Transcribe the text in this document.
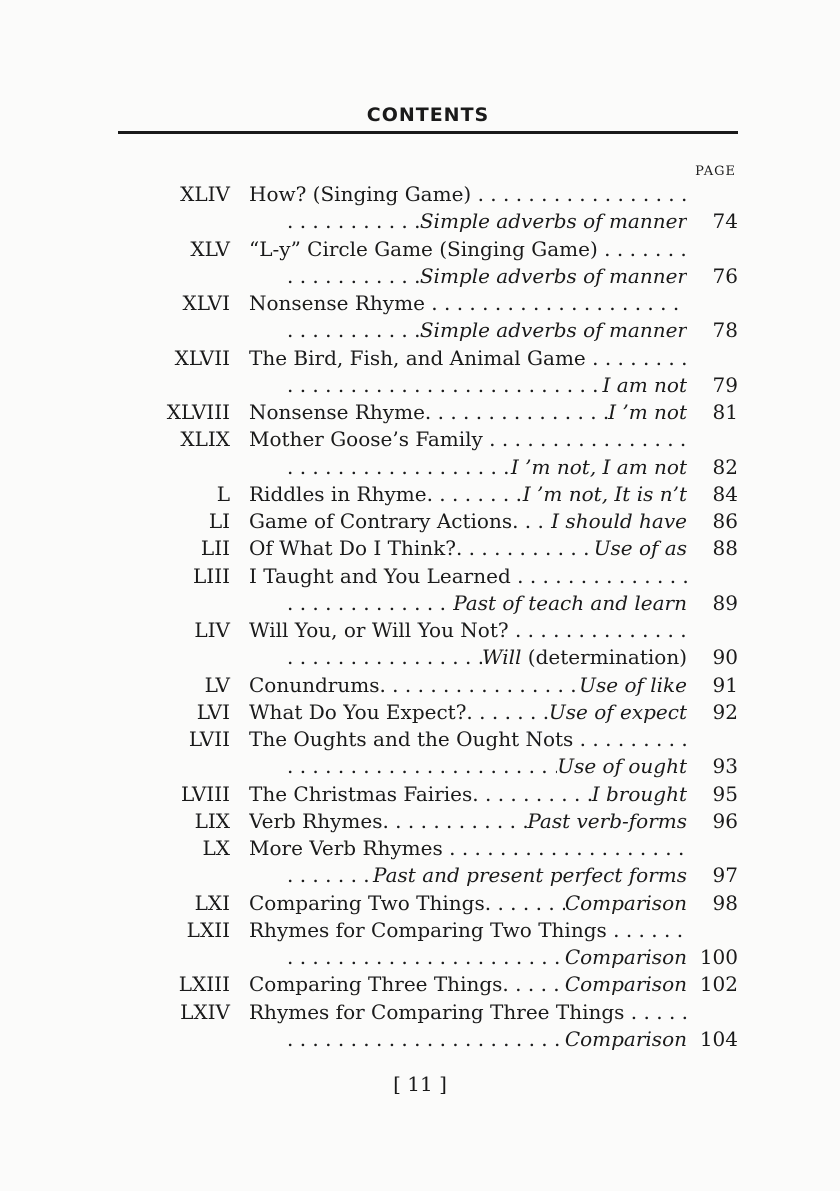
CONTENTS
PAGE
XLIV How? (Singing Game) . . .
. . .
Simple adverbs of manner	74
XLV “L-y” Circle Game (Singing Game) . . .
. . .
Simple adverbs of manner	76
XLVI Nonsense Rhyme . . .
. . .
Simple adverbs of manner	78
XLVII The Bird, Fish, and Animal Game . . .
. . .
I am not	79
XLVIII Nonsense Rhyme . . .	I ’m not	81
XLIX Mother Goose’s Family . . .
. . .
I ’m not, I am not	82
L Riddles in Rhyme . . .	I ’m not, It is n’t	84
LI Game of Contrary Actions . . . I should have	86
LII Of What Do I Think? . . .	Use of as	88
LIII I Taught and You Learned . . .
. . .
Past of teach and learn	89
LIV Will You, or Will You Not? . . .
. . .
Will (determination)	90
LV Conundrums . . .	Use of like	91
LVI What Do You Expect? . . .	Use of expect	92
LVII The Oughts and the Ought Nots . . .
. . .
Use of ought	93
LVIII The Christmas Fairies . . .	I brought	95
LIX Verb Rhymes . . .	Past verb-forms	96
LX More Verb Rhymes . . .
. . .
Past and present perfect forms	97
LXI Comparing Two Things . . .	Comparison	98
LXII Rhymes for Comparing Two Things . . .
. . .
Comparison 100
LXIII Comparing Three Things . . .	Comparison 102
LXIV Rhymes for Comparing Three Things . . .
. . .
Comparison 104
[ 11 ]
